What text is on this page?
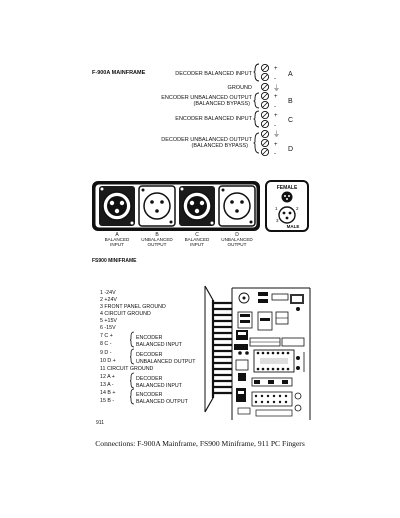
F-900A MAINFRAME	DECODER BALANCED INPUT
+
-
A
GROUND	⏚
ENCODER UNBALANCED OUTPUT
(BALANCED BYPASS)
+
-
B
ENCODER BALANCED INPUT	+
-
C
DECODER UNBALANCED OUTPUT
(BALANCED BYPASS)
⏚
+
-
D
A
BALANCED
INPUT
B
UNBALANCED
OUTPUT
C
BALANCED
INPUT
D
UNBALANCED
OUTPUT
FEMALE
1	2
3
MALE
FS900 MINIFRAME
1 -24V
2 +24V
3 FRONT PANEL GROUND
4 CIRCUIT GROUND
5 +15V
6 -15V
7 C +
8 C -
9 D -
10 D +
11 CIRCUIT GROUND
12 A +
13 A -
14 B +
15 B -
ENCODER
BALANCED INPUT
DECODER
UNBALANCED OUTPUT
DECODER
BALANCED INPUT
ENCODER
BALANCED OUTPUT
911
Connections: F-900A Mainframe, FS900 Miniframe, 911 PC Fingers
